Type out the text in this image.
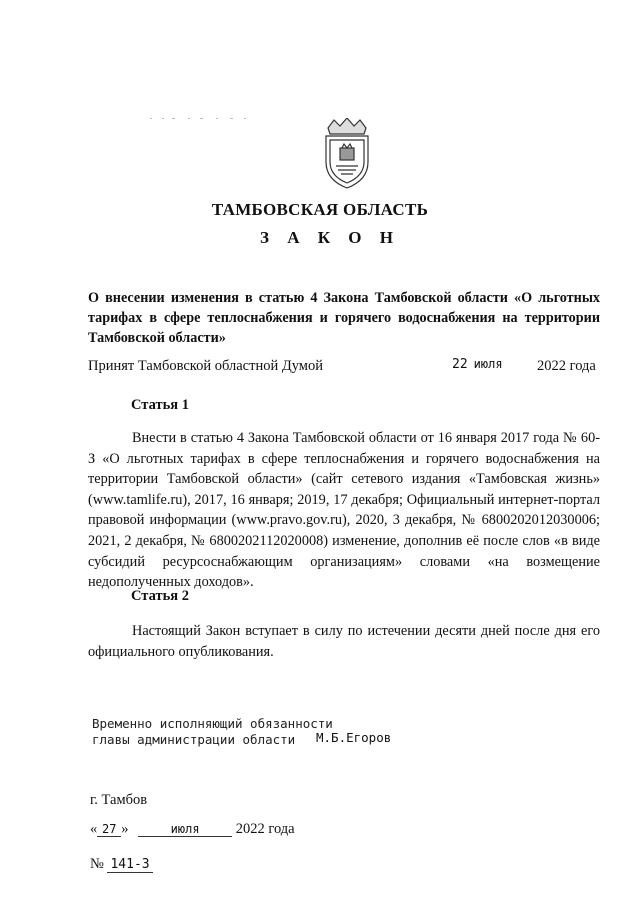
ТАМБОВСКАЯ ОБЛАСТЬ
З А К О Н
О внесении изменения в статью 4 Закона Тамбовской области «О льготных тарифах в сфере теплоснабжения и горячего водоснабжения на территории Тамбовской области»
Принят Тамбовской областной Думой	22 июля 2022 года
Статья 1
Внести в статью 4 Закона Тамбовской области от 16 января 2017 года № 60-З «О льготных тарифах в сфере теплоснабжения и горячего водоснабжения на территории Тамбовской области» (сайт сетевого издания «Тамбовская жизнь» (www.tamlife.ru), 2017, 16 января; 2019, 17 декабря; Официальный интернет-портал правовой информации (www.pravo.gov.ru), 2020, 3 декабря, № 6800202012030006; 2021, 2 декабря, № 6800202112020008) изменение, дополнив её после слов «в виде субсидий ресурсоснабжающим организациям» словами «на возмещение недополученных доходов».
Статья 2
Настоящий Закон вступает в силу по истечении десяти дней после дня его официального опубликования.
Временно исполняющий обязанности
главы администрации области М.Б.Егоров
г. Тамбов
« 27 »	июля 2022 года
№ 141-З
